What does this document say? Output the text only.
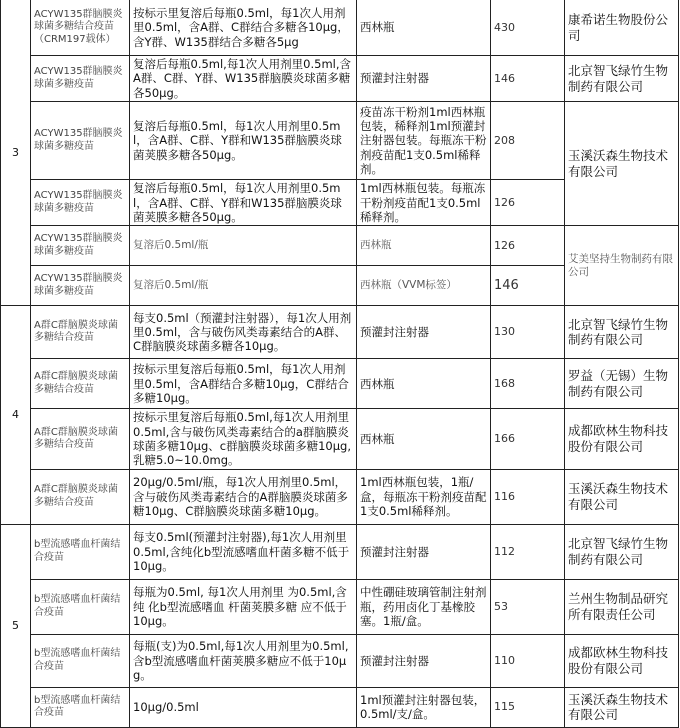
3	ACYW135群脑膜炎球菌多糖结合疫苗（CRM197载体）	按标示里复溶后每瓶0.5ml，每1次人用剂里0.5ml，含A群、C群结合多糖各10μg，含Y群、W135群结合多糖各5μg	西林瓶	430	康希诺生物股份公司
	ACYW135群脑膜炎球菌多糖疫苗	复溶后每瓶0.5ml,每1次人用剂里0.5ml,含A群、C群、Y群、W135群脑膜炎球菌多糖各50μg。	预灌封注射器	146	北京智飞绿竹生物制药有限公司
	ACYW135群脑膜炎球菌多糖疫苗	复溶后每瓶0.5ml，每1次人用剂里0.5ml，含A群、C群、Y群和W135群脑膜炎球菌荚膜多糖各50μg。	疫苗冻干粉剂1ml西林瓶包装，稀释剂1ml预灌封注射器包装。每瓶冻干粉剂疫苗配1支0.5ml稀释剂。	208	玉溪沃森生物技术有限公司
	ACYW135群脑膜炎球菌多糖疫苗	复溶后每瓶0.5ml，每1次人用剂里0.5ml，含A群、C群、Y群和W135群脑膜炎球菌荚膜多糖各50μg。	1ml西林瓶包装。每瓶冻干粉剂疫苗配1支0.5ml稀释剂。	126	
	ACYW135群脑膜炎球菌多糖疫苗	复溶后0.5ml/瓶	西林瓶	126	艾美坚持生物制药有限公司
	ACYW135群脑膜炎球菌多糖疫苗	复溶后0.5ml/瓶	西林瓶（VVM标签）	146	
4	A群C群脑膜炎球菌多糖结合疫苗	每支0.5ml（预灌封注射器），每1次人用剂里0.5ml，含与破伤风类毒素结合的A群、C群脑膜炎球菌多糖各10μg。	预灌封注射器	130	北京智飞绿竹生物制药有限公司
	A群C群脑膜炎球菌多糖结合疫苗	按标示里复溶后每瓶0.5ml，每1次人用剂里0.5ml，含A群结合多糖10μg，C群结合多糖10μg。	西林瓶	168	罗益（无锡）生物制药有限公司
	A群C群脑膜炎球菌多糖结合疫苗	按标示里复溶后每瓶0.5ml,每1次人用剂里0.5ml,含与破伤风类毒素结合的a群脑膜炎球菌多糖10μg、c群脑膜炎球菌多糖10μg,乳糖5.0~10.0mg。	西林瓶	166	成都欧林生物科技股份有限公司
	A群C群脑膜炎球菌多糖结合疫苗	20μg/0.5ml/瓶，每1次人用剂里0.5ml，含与破伤风类毒素结合的A群脑膜炎球菌多糖10μg、C群脑膜炎球菌多糖10μg。	1ml西林瓶包装，1瓶/盒，每瓶冻干粉剂疫苗配1支0.5ml稀释剂。	116	玉溪沃森生物技术有限公司
5	b型流感嗜血杆菌结合疫苗	每支0.5ml(预灌封注射器),每1次人用剂里0.5ml,含纯化b型流感嗜血杆菌多糖不低于10μg。	预灌封注射器	112	北京智飞绿竹生物制药有限公司
	b型流感嗜血杆菌结合疫苗	每瓶为0.5ml, 每1次人用剂里 为0.5ml,含纯 化b型流感嗜血 杆菌荚膜多糖 应不低于10μg。	中性硼硅玻璃管制注射剂瓶，药用卤化丁基橡胶塞。1瓶/盒。	53	兰州生物制品研究所有限责任公司
	b型流感嗜血杆菌结合疫苗	每瓶(支)为0.5ml,每1次人用剂里为0.5ml,含b型流感嗜血杆菌荚膜多糖应不低于10μg。	预灌封注射器	110	成都欧林生物科技股份有限公司
	b型流感嗜血杆菌结合疫苗	10μg/0.5ml	1ml预灌封注射器包装，0.5ml/支/盒。	115	玉溪沃森生物技术有限公司
